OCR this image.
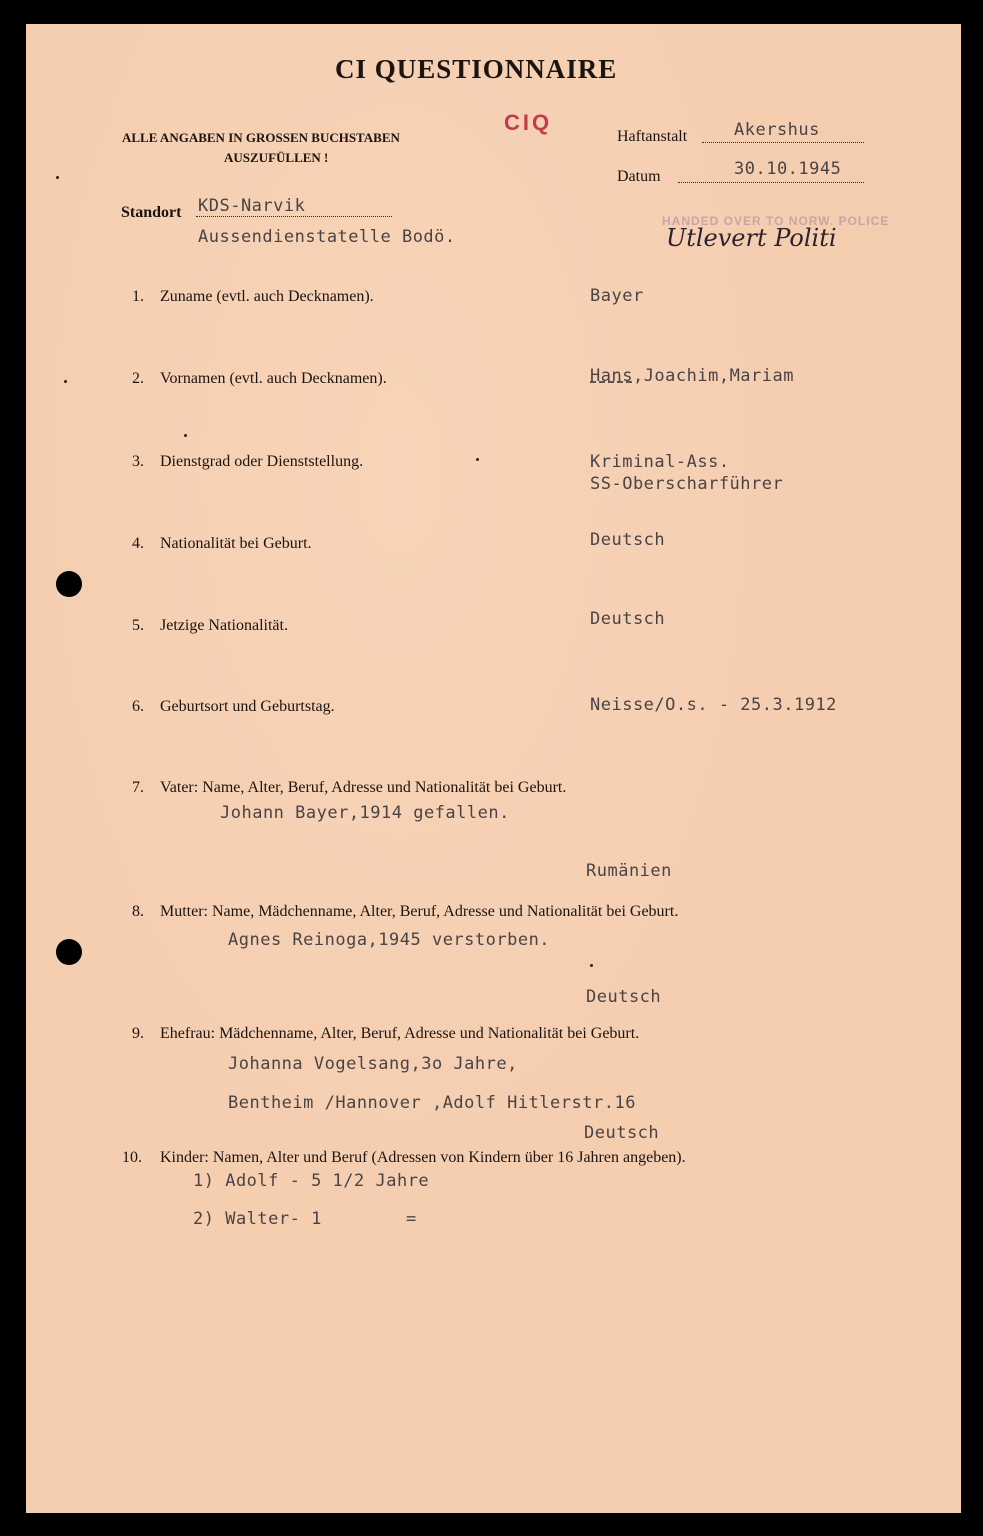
CI QUESTIONNAIRE
ALLE ANGABEN IN GROSSEN BUCHSTABEN
AUSZUFÜLLEN !
CIQ
Haftanstalt	Akershus
Datum	30.10.1945
Standort KDS-Narvik
Aussendienstatelle Bodö.
HANDED OVER TO NORW. POLICE
Utlevert Politi
1. Zuname (evtl. auch Decknamen).	Bayer
2. Vornamen (evtl. auch Decknamen).	Hans,Joachim,Mariam
3. Dienstgrad oder Dienststellung.	Kriminal-Ass.
SS-Oberscharführer
4. Nationalität bei Geburt.	Deutsch
5. Jetzige Nationalität.	Deutsch
6. Geburtsort und Geburtstag.	Neisse/O.s. - 25.3.1912
7. Vater: Name, Alter, Beruf, Adresse und Nationalität bei Geburt.
Johann Bayer,1914 gefallen.
Rumänien
8. Mutter: Name, Mädchenname, Alter, Beruf, Adresse und Nationalität bei Geburt.
Agnes Reinoga,1945 verstorben.
Deutsch
9. Ehefrau: Mädchenname, Alter, Beruf, Adresse und Nationalität bei Geburt.
Johanna Vogelsang,3o Jahre,
Bentheim /Hannover ,Adolf Hitlerstr.16
Deutsch
10. Kinder: Namen, Alter und Beruf (Adressen von Kindern über 16 Jahren angeben).
1) Adolf - 5 1/2 Jahre
2) Walter- 1	=
